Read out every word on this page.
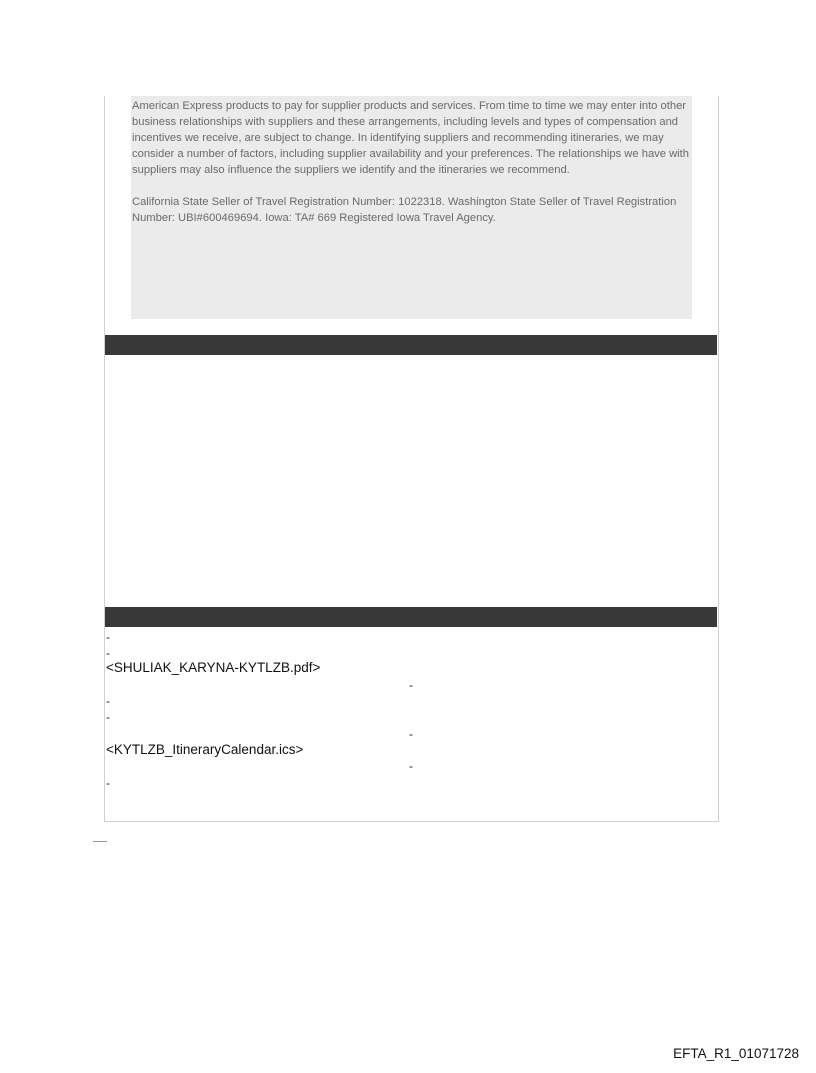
American Express products to pay for supplier products and services. From time to time we may enter into other business relationships with suppliers and these arrangements, including levels and types of compensation and incentives we receive, are subject to change. In identifying suppliers and recommending itineraries, we may consider a number of factors, including supplier availability and your preferences. The relationships we have with suppliers may also influence the suppliers we identify and the itineraries we recommend.

California State Seller of Travel Registration Number: 1022318. Washington State Seller of Travel Registration Number: UBI#600469694. Iowa: TA# 669 Registered Iowa Travel Agency.

-
-
<SHULIAK_KARYNA-KYTLZB.pdf>
-
-
-
-
<KYTLZB_ItineraryCalendar.ics>
-
-
EFTA_R1_01071728
